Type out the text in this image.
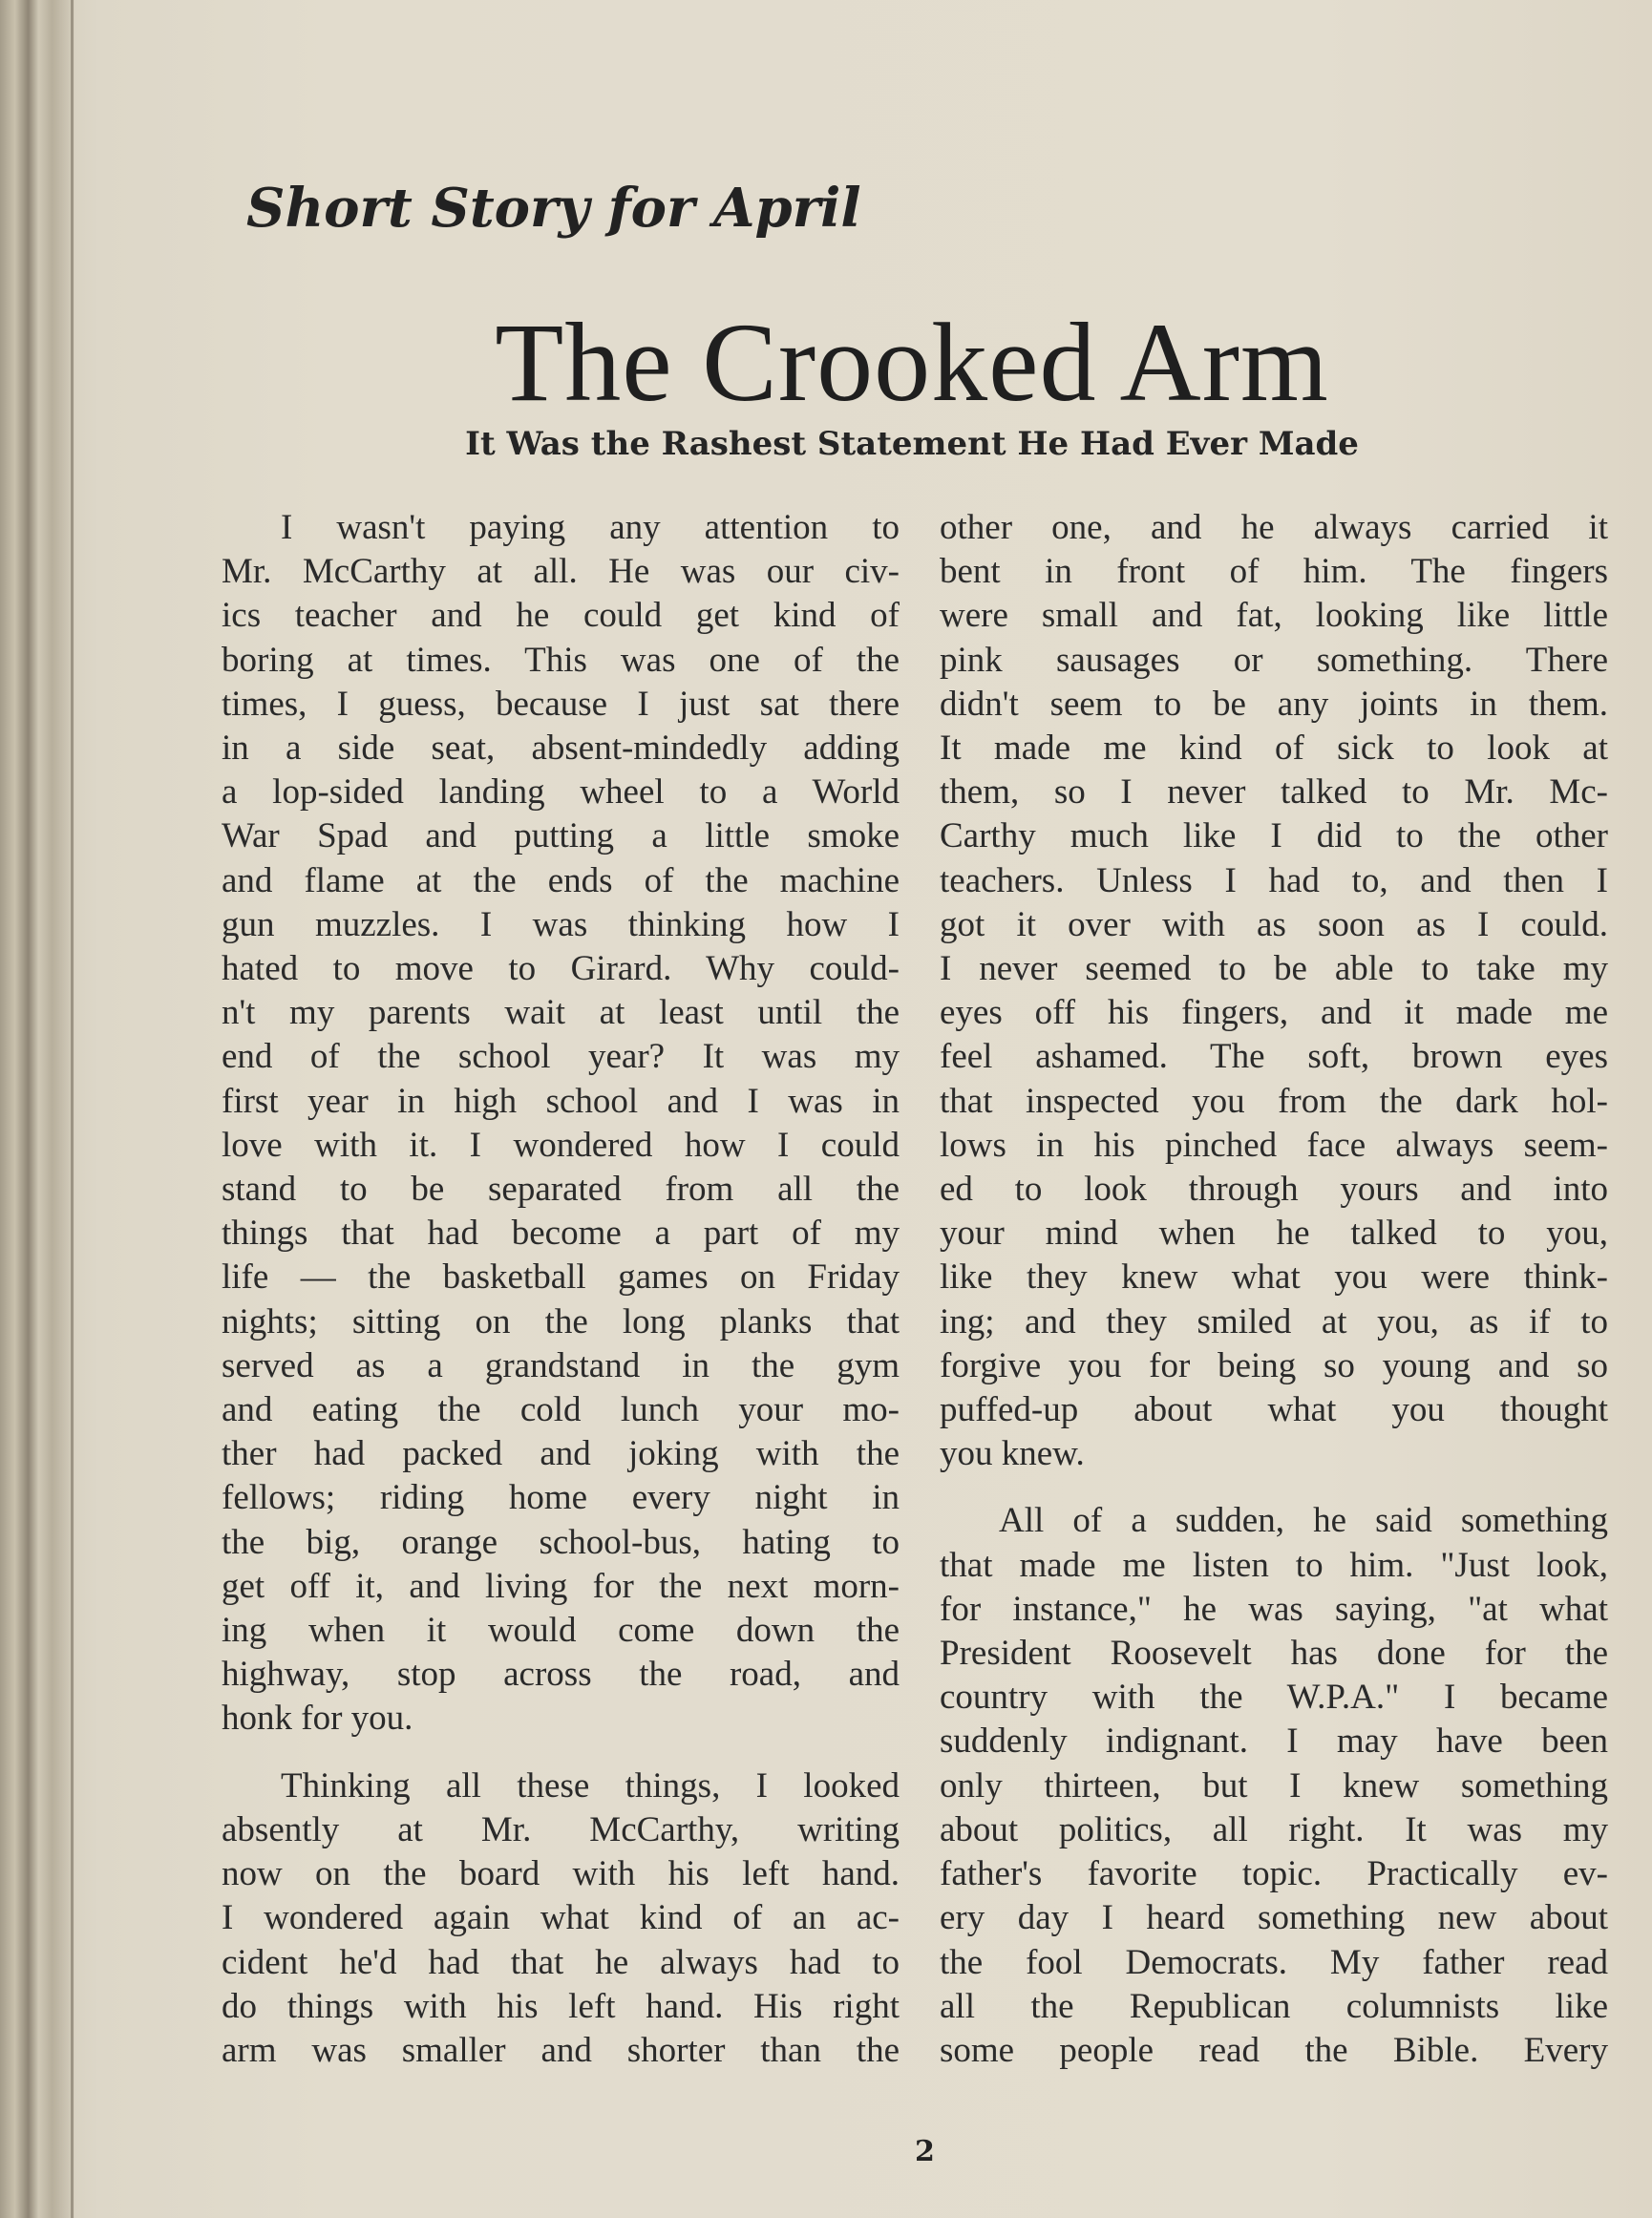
Short Story for April
The Crooked Arm
It Was the Rashest Statement He Had Ever Made
I wasn't paying any attention to
Mr. McCarthy at all. He was our civ-
ics teacher and he could get kind of
boring at times. This was one of the
times, I guess, because I just sat there
in a side seat, absent-mindedly adding
a lop-sided landing wheel to a World
War Spad and putting a little smoke
and flame at the ends of the machine
gun muzzles. I was thinking how I
hated to move to Girard. Why could-
n't my parents wait at least until the
end of the school year? It was my
first year in high school and I was in
love with it. I wondered how I could
stand to be separated from all the
things that had become a part of my
life — the basketball games on Friday
nights; sitting on the long planks that
served as a grandstand in the gym
and eating the cold lunch your mo-
ther had packed and joking with the
fellows; riding home every night in
the big, orange school-bus, hating to
get off it, and living for the next morn-
ing when it would come down the
highway, stop across the road, and
honk for you.
Thinking all these things, I looked
absently at Mr. McCarthy, writing
now on the board with his left hand.
I wondered again what kind of an ac-
cident he'd had that he always had to
do things with his left hand. His right
arm was smaller and shorter than the
other one, and he always carried it
bent in front of him. The fingers
were small and fat, looking like little
pink sausages or something. There
didn't seem to be any joints in them.
It made me kind of sick to look at
them, so I never talked to Mr. Mc-
Carthy much like I did to the other
teachers. Unless I had to, and then I
got it over with as soon as I could.
I never seemed to be able to take my
eyes off his fingers, and it made me
feel ashamed. The soft, brown eyes
that inspected you from the dark hol-
lows in his pinched face always seem-
ed to look through yours and into
your mind when he talked to you,
like they knew what you were think-
ing; and they smiled at you, as if to
forgive you for being so young and so
puffed-up about what you thought
you knew.
All of a sudden, he said something
that made me listen to him. "Just look,
for instance," he was saying, "at what
President Roosevelt has done for the
country with the W.P.A." I became
suddenly indignant. I may have been
only thirteen, but I knew something
about politics, all right. It was my
father's favorite topic. Practically ev-
ery day I heard something new about
the fool Democrats. My father read
all the Republican columnists like
some people read the Bible. Every
2
